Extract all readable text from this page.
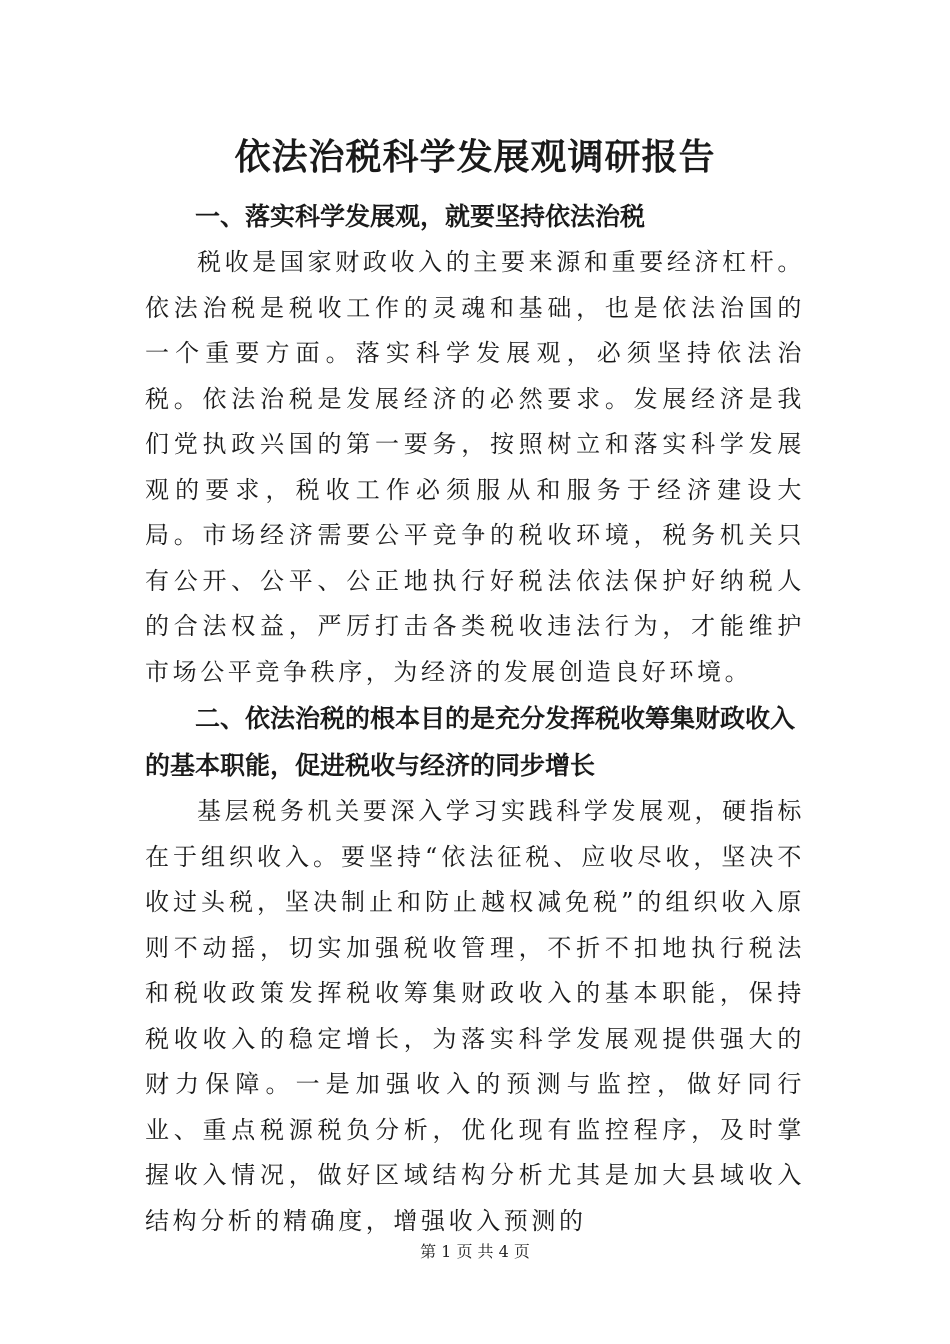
依法治税科学发展观调研报告

一、落实科学发展观，就要坚持依法治税

税收是国家财政收入的主要来源和重要经济杠杆。依法治税是税收工作的灵魂和基础，也是依法治国的一个重要方面。落实科学发展观，必须坚持依法治税。依法治税是发展经济的必然要求。发展经济是我们党执政兴国的第一要务，按照树立和落实科学发展观的要求，税收工作必须服从和服务于经济建设大局。市场经济需要公平竞争的税收环境，税务机关只有公开、公平、公正地执行好税法依法保护好纳税人的合法权益，严厉打击各类税收违法行为，才能维护市场公平竞争秩序，为经济的发展创造良好环境。

二、依法治税的根本目的是充分发挥税收筹集财政收入的基本职能，促进税收与经济的同步增长

基层税务机关要深入学习实践科学发展观，硬指标在于组织收入。要坚持“依法征税、应收尽收，坚决不收过头税，坚决制止和防止越权减免税”的组织收入原则不动摇，切实加强税收管理，不折不扣地执行税法和税收政策发挥税收筹集财政收入的基本职能，保持税收收入的稳定增长，为落实科学发展观提供强大的财力保障。一是加强收入的预测与监控，做好同行业、重点税源税负分析，优化现有监控程序，及时掌握收入情况，做好区域结构分析尤其是加大县域收入结构分析的精确度，增强收入预测的

第 1 页 共 4 页
